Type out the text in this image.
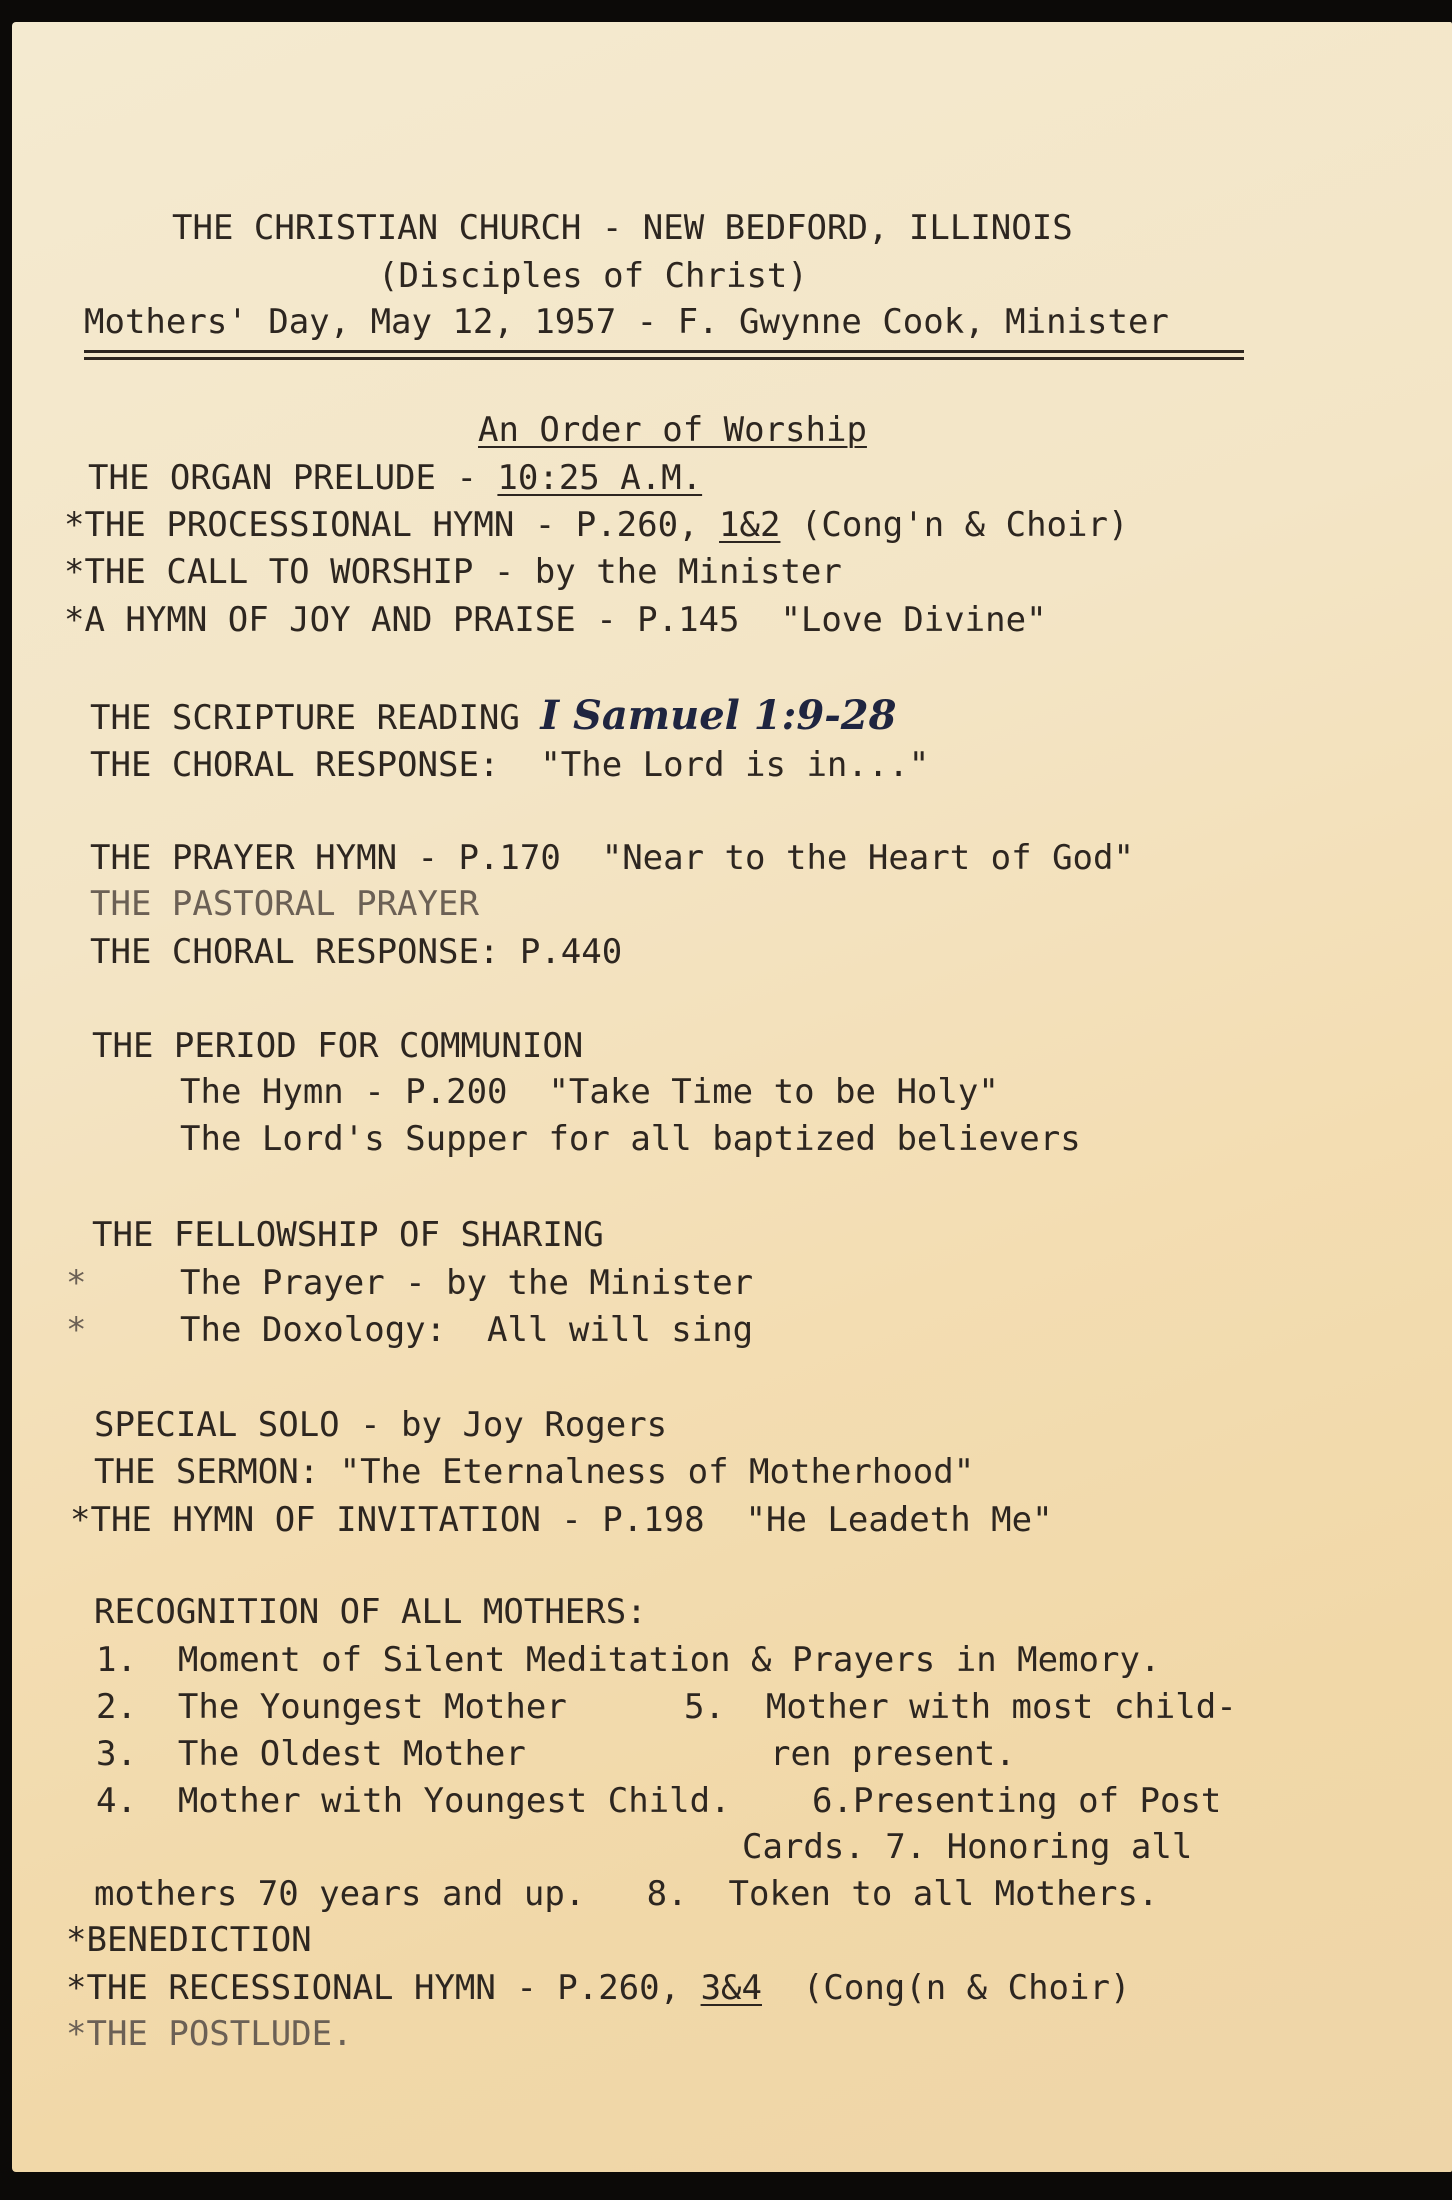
THE CHRISTIAN CHURCH - NEW BEDFORD, ILLINOIS
(Disciples of Christ)
Mothers' Day, May 12, 1957 - F. Gwynne Cook, Minister
An Order of Worship
THE ORGAN PRELUDE - 10:25 A.M.
*THE PROCESSIONAL HYMN - P.260, 1&2 (Cong'n & Choir)
*THE CALL TO WORSHIP - by the Minister
*A HYMN OF JOY AND PRAISE - P.145  "Love Divine"
THE SCRIPTURE READING I Samuel 1:9-28
THE CHORAL RESPONSE:  "The Lord is in..."
THE PRAYER HYMN - P.170  "Near to the Heart of God"
THE PASTORAL PRAYER
THE CHORAL RESPONSE: P.440
THE PERIOD FOR COMMUNION
The Hymn - P.200  "Take Time to be Holy"
The Lord's Supper for all baptized believers
THE FELLOWSHIP OF SHARING
*	The Prayer - by the Minister
*	The Doxology:  All will sing
SPECIAL SOLO - by Joy Rogers
THE SERMON: "The Eternalness of Motherhood"
*THE HYMN OF INVITATION - P.198  "He Leadeth Me"
RECOGNITION OF ALL MOTHERS:
1.  Moment of Silent Meditation & Prayers in Memory.
2.  The Youngest Mother	5.  Mother with most child-
3.  The Oldest Mother	ren present.
4.  Mother with Youngest Child. 6.Presenting of Post
Cards. 7. Honoring all
mothers 70 years and up.   8.  Token to all Mothers.
*BENEDICTION
*THE RECESSIONAL HYMN - P.260, 3&4  (Cong(n & Choir)
*THE POSTLUDE.
